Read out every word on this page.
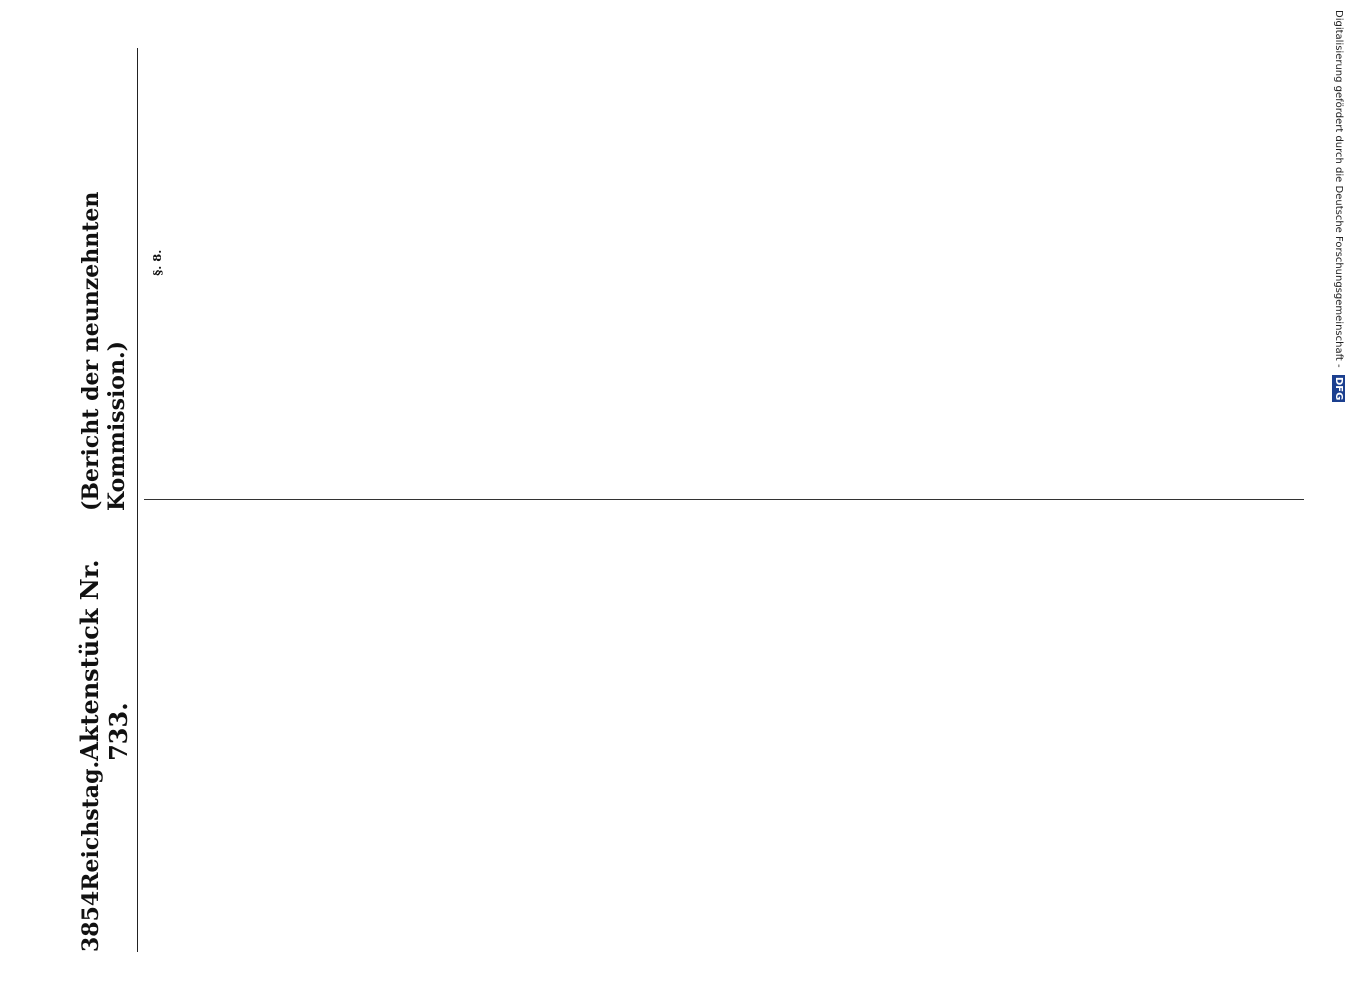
3854
Reichstag.
Aktenstück Nr. 733.
(Bericht der neunzehnten Kommission.)
§. 8.	Digitalisierung gefördert durch die Deutsche Forschungsgemeinschaft - DFG
